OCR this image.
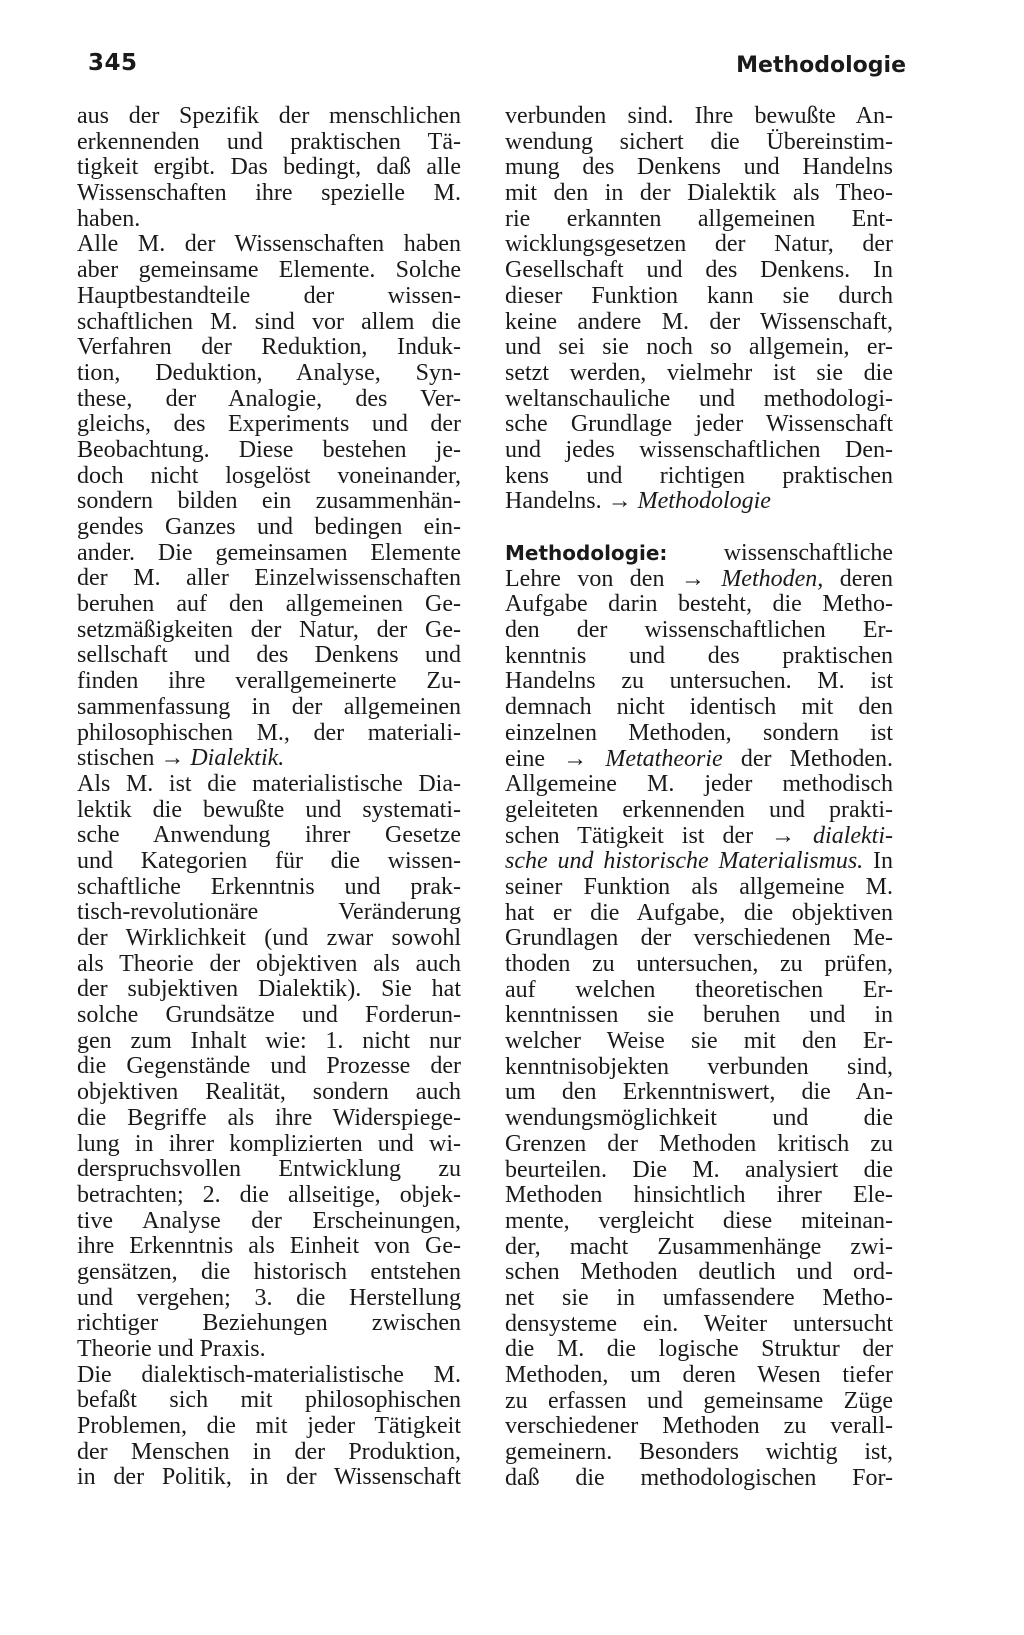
345	Methodologie
aus der Spezifik der menschlichen
erkennenden und praktischen Tä-
tigkeit ergibt. Das bedingt, daß alle
Wissenschaften ihre spezielle M.
haben.
Alle M. der Wissenschaften haben
aber gemeinsame Elemente. Solche
Hauptbestandteile der wissen-
schaftlichen M. sind vor allem die
Verfahren der Reduktion, Induk-
tion, Deduktion, Analyse, Syn-
these, der Analogie, des Ver-
gleichs, des Experiments und der
Beobachtung. Diese bestehen je-
doch nicht losgelöst voneinander,
sondern bilden ein zusammenhän-
gendes Ganzes und bedingen ein-
ander. Die gemeinsamen Elemente
der M. aller Einzelwissenschaften
beruhen auf den allgemeinen Ge-
setzmäßigkeiten der Natur, der Ge-
sellschaft und des Denkens und
finden ihre verallgemeinerte Zu-
sammenfassung in der allgemeinen
philosophischen M., der materiali-
stischen → Dialektik.
Als M. ist die materialistische Dia-
lektik die bewußte und systemati-
sche Anwendung ihrer Gesetze
und Kategorien für die wissen-
schaftliche Erkenntnis und prak-
tisch-revolutionäre Veränderung
der Wirklichkeit (und zwar sowohl
als Theorie der objektiven als auch
der subjektiven Dialektik). Sie hat
solche Grundsätze und Forderun-
gen zum Inhalt wie: 1. nicht nur
die Gegenstände und Prozesse der
objektiven Realität, sondern auch
die Begriffe als ihre Widerspiege-
lung in ihrer komplizierten und wi-
derspruchsvollen Entwicklung zu
betrachten; 2. die allseitige, objek-
tive Analyse der Erscheinungen,
ihre Erkenntnis als Einheit von Ge-
gensätzen, die historisch entstehen
und vergehen; 3. die Herstellung
richtiger Beziehungen zwischen
Theorie und Praxis.
Die dialektisch-materialistische M.
befaßt sich mit philosophischen
Problemen, die mit jeder Tätigkeit
der Menschen in der Produktion,
in der Politik, in der Wissenschaft
verbunden sind. Ihre bewußte An-
wendung sichert die Übereinstim-
mung des Denkens und Handelns
mit den in der Dialektik als Theo-
rie erkannten allgemeinen Ent-
wicklungsgesetzen der Natur, der
Gesellschaft und des Denkens. In
dieser Funktion kann sie durch
keine andere M. der Wissenschaft,
und sei sie noch so allgemein, er-
setzt werden, vielmehr ist sie die
weltanschauliche und methodologi-
sche Grundlage jeder Wissenschaft
und jedes wissenschaftlichen Den-
kens und richtigen praktischen
Handelns. → Methodologie
Methodologie: wissenschaftliche
Lehre von den → Methoden, deren
Aufgabe darin besteht, die Metho-
den der wissenschaftlichen Er-
kenntnis und des praktischen
Handelns zu untersuchen. M. ist
demnach nicht identisch mit den
einzelnen Methoden, sondern ist
eine → Metatheorie der Methoden.
Allgemeine M. jeder methodisch
geleiteten erkennenden und prakti-
schen Tätigkeit ist der → dialekti-
sche und historische Materialismus. In
seiner Funktion als allgemeine M.
hat er die Aufgabe, die objektiven
Grundlagen der verschiedenen Me-
thoden zu untersuchen, zu prüfen,
auf welchen theoretischen Er-
kenntnissen sie beruhen und in
welcher Weise sie mit den Er-
kenntnisobjekten verbunden sind,
um den Erkenntniswert, die An-
wendungsmöglichkeit und die
Grenzen der Methoden kritisch zu
beurteilen. Die M. analysiert die
Methoden hinsichtlich ihrer Ele-
mente, vergleicht diese miteinan-
der, macht Zusammenhänge zwi-
schen Methoden deutlich und ord-
net sie in umfassendere Metho-
densysteme ein. Weiter untersucht
die M. die logische Struktur der
Methoden, um deren Wesen tiefer
zu erfassen und gemeinsame Züge
verschiedener Methoden zu verall-
gemeinern. Besonders wichtig ist,
daß die methodologischen For-
